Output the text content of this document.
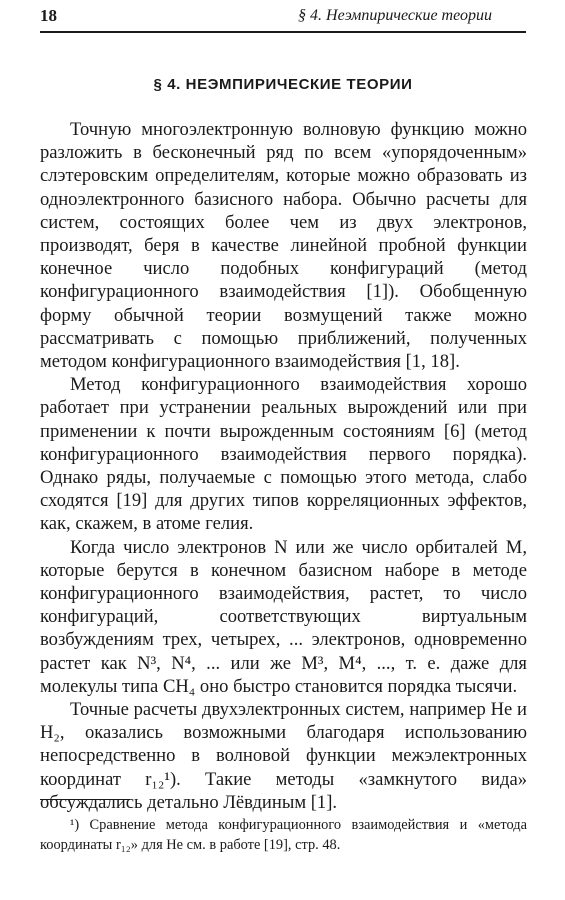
18	§ 4. Неэмпирические теории
§ 4. НЕЭМПИРИЧЕСКИЕ ТЕОРИИ

Точную многоэлектронную волновую функцию можно разложить в бесконечный ряд по всем «упорядоченным» слэтеровским определителям, которые можно образовать из одноэлектронного базисного набора. Обычно расчеты для систем, состоящих более чем из двух электронов, производят, беря в качестве линейной пробной функции конечное число подобных конфигураций (метод конфигурационного взаимодействия [1]). Обобщенную форму обычной теории возмущений также можно рассматривать с помощью приближений, полученных методом конфигурационного взаимодействия [1, 18].

Метод конфигурационного взаимодействия хорошо работает при устранении реальных вырождений или при применении к почти вырожденным состояниям [6] (метод конфигурационного взаимодействия первого порядка). Однако ряды, получаемые с помощью этого метода, слабо сходятся [19] для других типов корреляционных эффектов, как, скажем, в атоме гелия.

Когда число электронов N или же число орбиталей M, которые берутся в конечном базисном наборе в методе конфигурационного взаимодействия, растет, то число конфигураций, соответствующих виртуальным возбуждениям трех, четырех, ... электронов, одновременно растет как N³, N⁴, ... или же M³, M⁴, ..., т. е. даже для молекулы типа CH₄ оно быстро становится порядка тысячи.

Точные расчеты двухэлектронных систем, например He и H₂, оказались возможными благодаря использованию непосредственно в волновой функции межэлектронных координат r₁₂¹). Такие методы «замкнутого вида» обсуждались детально Лёвдиным [1].

¹) Сравнение метода конфигурационного взаимодействия и «метода координаты r₁₂» для He см. в работе [19], стр. 48.
